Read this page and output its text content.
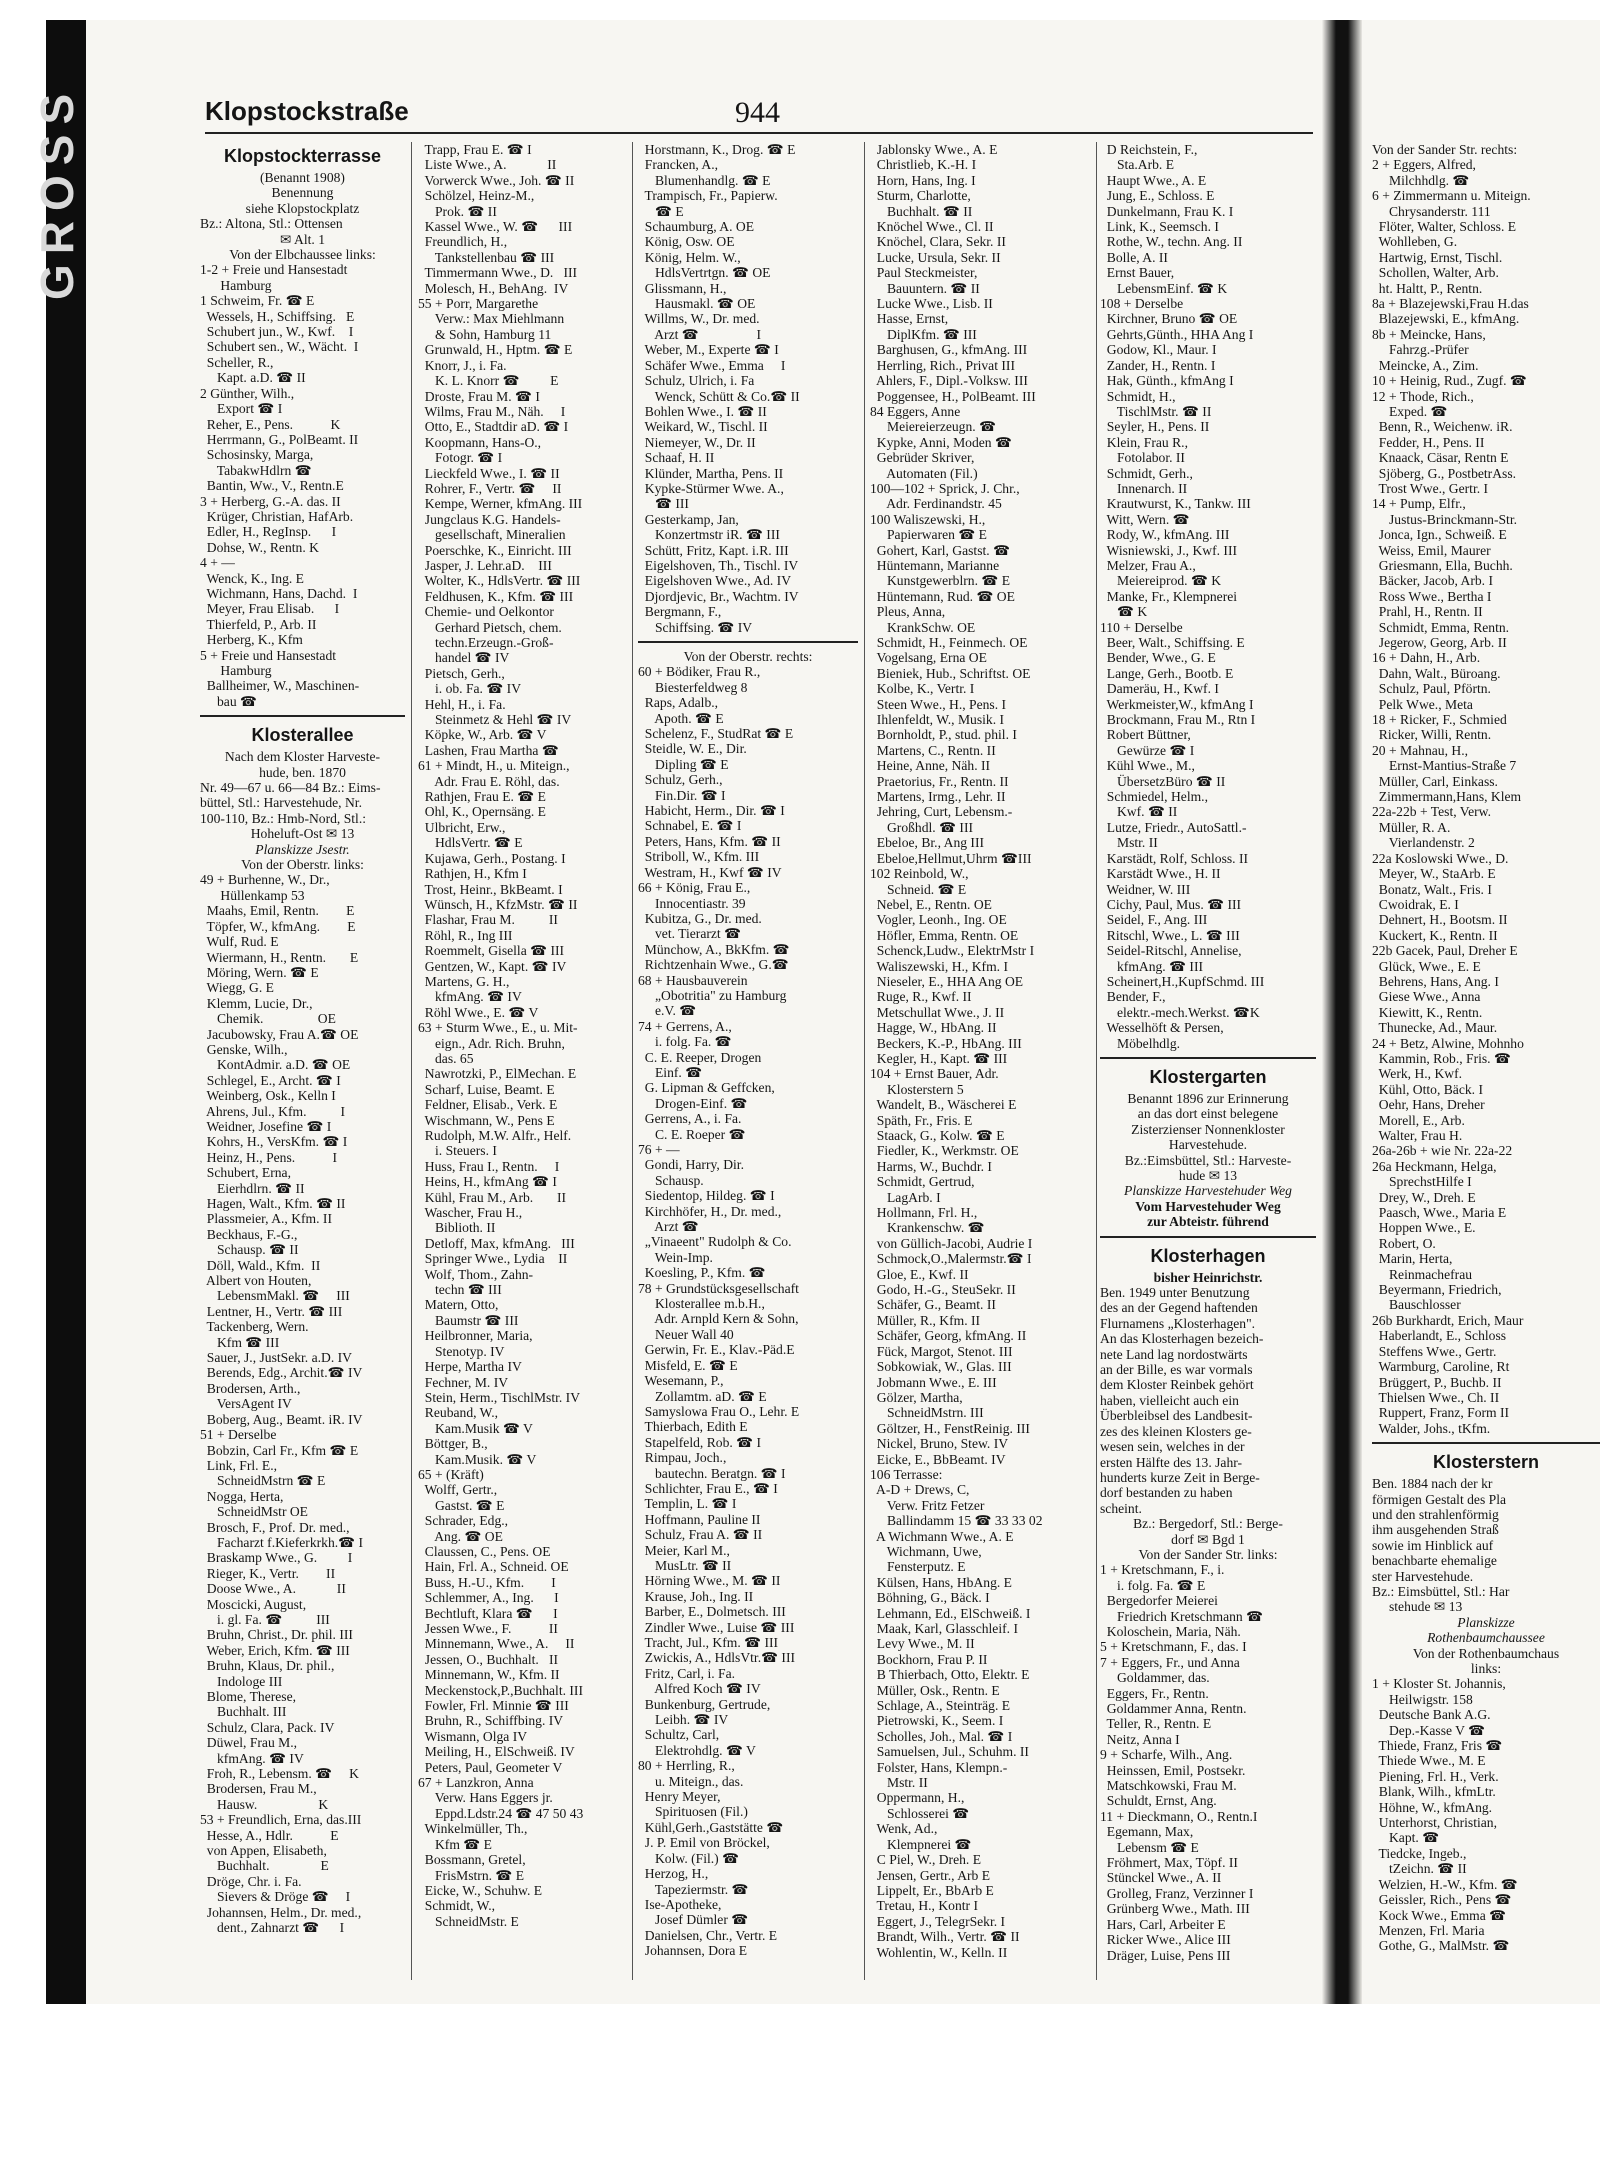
GROSS	Klopstockstraße	944
Klopstockterrasse
(Benannt 1908)
Benennung
siehe Klopstockplatz
Bz.: Altona, Stl.: Ottensen
✉ Alt. 1
Von der Elbchaussee links:
1-2 + Freie und Hansestadt
Hamburg
1 Schweim, Fr. ☎ E
Wessels, H., Schiffsing.   E
Schubert jun., W., Kwf.    I
Schubert sen., W., Wächt.  I
Scheller, R.,
Kapt. a.D. ☎ II
2 Günther, Wilh.,
Export ☎ I
Reher, E., Pens.           K
Herrmann, G., PolBeamt. II
Schosinsky, Marga,
TabakwHdlrn ☎
Bantin, Ww., V., Rentn.E
3 + Herberg, G.-A. das. II
Krüger, Christian, HafArb.
Edler, H., RegInsp.      I
Dohse, W., Rentn. K
4 + —
Wenck, K., Ing. E
Wichmann, Hans, Dachd.  I
Meyer, Frau Elisab.      I
Thierfeld, P., Arb. II
Herberg, K., Kfm
5 + Freie und Hansestadt
Hamburg
Ballheimer, W., Maschinen-
bau ☎
Klosterallee
Nach dem Kloster Harveste-
hude, ben. 1870
Nr. 49—67 u. 66—84 Bz.: Eims-
büttel, Stl.: Harvestehude, Nr.
100-110, Bz.: Hmb-Nord, Stl.:
Hoheluft-Ost ✉ 13
Planskizze Jsestr.
Von der Oberstr. links:
49 + Burhenne, W., Dr.,
Hüllenkamp 53
Maahs, Emil, Rentn.        E
Töpfer, W., kfmAng.        E
Wulf, Rud. E
Wiermann, H., Rentn.       E
Möring, Wern. ☎ E
Wiegg, G. E
Klemm, Lucie, Dr.,
Chemik.                OE
Jacubowsky, Frau A.☎ OE
Genske, Wilh.,
KontAdmir. a.D. ☎ OE
Schlegel, E., Archt. ☎ I
Weinberg, Osk., Kelln I
Ahrens, Jul., Kfm.          I
Weidner, Josefine ☎ I
Kohrs, H., VersKfm. ☎ I
Heinz, H., Pens.           I
Schubert, Erna,
Eierhdlrn. ☎ II
Hagen, Walt., Kfm. ☎ II
Plassmeier, A., Kfm. II
Beckhaus, F.-G.,
Schausp. ☎ II
Döll, Wald., Kfm.  II
Albert von Houten,
LebensmMakl. ☎     III
Lentner, H., Vertr. ☎ III
Tackenberg, Wern.
Kfm ☎ III
Sauer, J., JustSekr. a.D. IV
Berends, Edg., Archit.☎ IV
Brodersen, Arth.,
VersAgent IV
Boberg, Aug., Beamt. iR. IV
51 + Derselbe
Bobzin, Carl Fr., Kfm ☎ E
Link, Frl. E.,
SchneidMstrn ☎ E
Nogga, Herta,
SchneidMstr OE
Brosch, F., Prof. Dr. med.,
Facharzt f.Kieferkrkh.☎ I
Braskamp Wwe., G.         I
Rieger, K., Vertr.        II
Doose Wwe., A.            II
Moscicki, August,
i. gl. Fa. ☎          III
Bruhn, Christ., Dr. phil. III
Weber, Erich, Kfm. ☎ III
Bruhn, Klaus, Dr. phil.,
Indologe III
Blome, Therese,
Buchhalt. III
Schulz, Clara, Pack. IV
Düwel, Frau M.,
kfmAng. ☎ IV
Froh, R., Lebensm. ☎     K
Brodersen, Frau M.,
Hausw.                  K
53 + Freundlich, Erna, das.III
Hesse, A., Hdlr.           E
von Appen, Elisabeth,
Buchhalt.               E
Dröge, Chr. i. Fa.
Sievers & Dröge ☎     I
Johannsen, Helm., Dr. med.,
dent., Zahnarzt ☎      I
Trapp, Frau E. ☎ I
Liste Wwe., A.            II
Vorwerck Wwe., Joh. ☎ II
Schölzel, Heinz-M.,
Prok. ☎ II
Kassel Wwe., W. ☎      III
Freundlich, H.,
Tankstellenbau ☎ III
Timmermann Wwe., D.   III
Molesch, H., BehAng.  IV
55 + Porr, Margarethe
Verw.: Max Miehlmann
& Sohn, Hamburg 11
Grunwald, H., Hptm. ☎ E
Knorr, J., i. Fa.
K. L. Knorr ☎         E
Droste, Frau M. ☎ I
Wilms, Frau M., Näh.     I
Otto, E., Stadtdir aD. ☎ I
Koopmann, Hans-O.,
Fotogr. ☎ I
Lieckfeld Wwe., I. ☎ II
Rohrer, F., Vertr. ☎     II
Kempe, Werner, kfmAng. III
Jungclaus K.G. Handels-
gesellschaft, Mineralien
Poerschke, K., Einricht. III
Jasper, J. Lehr.aD.    III
Wolter, K., HdlsVertr. ☎ III
Feldhusen, K., Kfm. ☎ III
Chemie- und Oelkontor
Gerhard Pietsch, chem.
techn.Erzeugn.-Groß-
handel ☎ IV
Pietsch, Gerh.,
i. ob. Fa. ☎ IV
Hehl, H., i. Fa.
Steinmetz & Hehl ☎ IV
Köpke, W., Arb. ☎ V
Lashen, Frau Martha ☎
61 + Mindt, H., u. Miteign.,
Adr. Frau E. Röhl, das.
Rathjen, Frau E. ☎ E
Ohl, K., Opernsäng. E
Ulbricht, Erw.,
HdlsVertr. ☎ E
Kujawa, Gerh., Postang. I
Rathjen, H., Kfm I
Trost, Heinr., BkBeamt. I
Wünsch, H., KfzMstr. ☎ II
Flashar, Frau M.          II
Röhl, R., Ing III
Roemmelt, Gisella ☎ III
Gentzen, W., Kapt. ☎ IV
Martens, G. H.,
kfmAng. ☎ IV
Röhl Wwe., E. ☎ V
63 + Sturm Wwe., E., u. Mit-
eign., Adr. Rich. Bruhn,
das. 65
Nawrotzki, P., ElMechan. E
Scharf, Luise, Beamt. E
Feldner, Elisab., Verk. E
Wischmann, W., Pens E
Rudolph, M.W. Alfr., Helf.
i. Steuers. I
Huss, Frau I., Rentn.     I
Heins, H., kfmAng ☎ I
Kühl, Frau M., Arb.       II
Wascher, Frau H.,
Biblioth. II
Detloff, Max, kfmAng.   III
Springer Wwe., Lydia    II
Wolf, Thom., Zahn-
techn ☎ III
Matern, Otto,
Baumstr ☎ III
Heilbronner, Maria,
Stenotyp. IV
Herpe, Martha IV
Fechner, M. IV
Stein, Herm., TischlMstr. IV
Reuband, W.,
Kam.Musik ☎ V
Böttger, B.,
Kam.Musik. ☎ V
65 + (Kräft)
Wolff, Gertr.,
Gastst. ☎ E
Schrader, Edg.,
Ang. ☎ OE
Claussen, C., Pens. OE
Hain, Frl. A., Schneid. OE
Buss, H.-U., Kfm.        I
Schlemmer, A., Ing.      I
Bechtluft, Klara ☎      I
Jessen Wwe., F.           II
Minnemann, Wwe., A.     II
Jessen, O., Buchhalt.   II
Minnemann, W., Kfm. II
Meckenstock,P.,Buchhalt. III
Fowler, Frl. Minnie ☎ III
Bruhn, R., Schiffbing. IV
Wismann, Olga IV
Meiling, H., ElSchweiß. IV
Peters, Paul, Geometer V
67 + Lanzkron, Anna
Verw. Hans Eggers jr.
Eppd.Ldstr.24 ☎ 47 50 43
Winkelmüller, Th.,
Kfm ☎ E
Bossmann, Gretel,
FrisMstrn. ☎ E
Eicke, W., Schuhw. E
Schmidt, W.,
SchneidMstr. E
Horstmann, K., Drog. ☎ E
Francken, A.,
Blumenhandlg. ☎ E
Trampisch, Fr., Papierw.
☎ E
Schaumburg, A. OE
König, Osw. OE
König, Helm. W.,
HdlsVertrtgn. ☎ OE
Glissmann, H.,
Hausmakl. ☎ OE
Willms, W., Dr. med.
Arzt ☎                 I
Weber, M., Experte ☎ I
Schäfer Wwe., Emma     I
Schulz, Ulrich, i. Fa
Wenck, Schütt & Co.☎ II
Bohlen Wwe., I. ☎ II
Weikard, W., Tischl. II
Niemeyer, W., Dr. II
Schaaf, H. II
Klünder, Martha, Pens. II
Kypke-Stürmer Wwe. A.,
☎ III
Gesterkamp, Jan,
Konzertmstr iR. ☎ III
Schütt, Fritz, Kapt. i.R. III
Eigelshoven, Th., Tischl. IV
Eigelshoven Wwe., Ad. IV
Djordjevic, Br., Wachtm. IV
Bergmann, F.,
Schiffsing. ☎ IV
Von der Oberstr. rechts:
60 + Bödiker, Frau R.,
Biesterfeldweg 8
Raps, Adalb.,
Apoth. ☎ E
Schelenz, F., StudRat ☎ E
Steidle, W. E., Dir.
Dipling ☎ E
Schulz, Gerh.,
Fin.Dir. ☎ I
Habicht, Herm., Dir. ☎ I
Schnabel, E. ☎ I
Peters, Hans, Kfm. ☎ II
Striboll, W., Kfm. III
Westram, H., Kwf ☎ IV
66 + König, Frau E.,
Innocentiastr. 39
Kubitza, G., Dr. med.
vet. Tierarzt ☎
Münchow, A., BkKfm. ☎
Richtzenhain Wwe., G.☎
68 + Hausbauverein
„Obotritia" zu Hamburg
e.V. ☎
74 + Gerrens, A.,
i. folg. Fa. ☎
C. E. Reeper, Drogen
Einf. ☎
G. Lipman & Geffcken,
Drogen-Einf. ☎
Gerrens, A., i. Fa.
C. E. Roeper ☎
76 + —
Gondi, Harry, Dir.
Schausp.
Siedentop, Hildeg. ☎ I
Kirchhöfer, H., Dr. med.,
Arzt ☎
„Vinaeent" Rudolph & Co.
Wein-Imp.
Koesling, P., Kfm. ☎
78 + Grundstücksgesellschaft
Klosterallee m.b.H.,
Adr. Arnpld Kern & Sohn,
Neuer Wall 40
Gerwin, Fr. E., Klav.-Päd.E
Misfeld, E. ☎ E
Wesemann, P.,
Zollamtm. aD. ☎ E
Samyslowa Frau O., Lehr. E
Thierbach, Edith E
Stapelfeld, Rob. ☎ I
Rimpau, Joch.,
bautechn. Beratgn. ☎ I
Schlichter, Frau E., ☎ I
Templin, L. ☎ I
Hoffmann, Pauline II
Schulz, Frau A. ☎ II
Meier, Karl M.,
MusLtr. ☎ II
Hörning Wwe., M. ☎ II
Krause, Joh., Ing. II
Barber, E., Dolmetsch. III
Zindler Wwe., Luise ☎ III
Tracht, Jul., Kfm. ☎ III
Zwickis, A., HdlsVtr.☎ III
Fritz, Carl, i. Fa.
Alfred Koch ☎ IV
Bunkenburg, Gertrude,
Leibh. ☎ IV
Schultz, Carl,
Elektrohdlg. ☎ V
80 + Herrling, R.,
u. Miteign., das.
Henry Meyer,
Spirituosen (Fil.)
Kühl,Gerh.,Gaststätte ☎
J. P. Emil von Bröckel,
Kolw. (Fil.) ☎
Herzog, H.,
Tapeziermstr. ☎
Ise-Apotheke,
Josef Dümler ☎
Danielsen, Chr., Vertr. E
Johannsen, Dora E
Jablonsky Wwe., A. E
Christlieb, K.-H. I
Horn, Hans, Ing. I
Sturm, Charlotte,
Buchhalt. ☎ II
Knöchel Wwe., Cl. II
Knöchel, Clara, Sekr. II
Lucke, Ursula, Sekr. II
Paul Steckmeister,
Bauuntern. ☎ II
Lucke Wwe., Lisb. II
Hasse, Ernst,
DiplKfm. ☎ III
Barghusen, G., kfmAng. III
Herrling, Rich., Privat III
Ahlers, F., Dipl.-Volksw. III
Poggensee, H., PolBeamt. III
84 Eggers, Anne
Meiereierzeugn. ☎
Kypke, Anni, Moden ☎
Gebrüder Skriver,
Automaten (Fil.)
100—102 + Sprick, J. Chr.,
Adr. Ferdinandstr. 45
100 Waliszewski, H.,
Papierwaren ☎ E
Gohert, Karl, Gastst. ☎
Hüntemann, Marianne
Kunstgewerblrn. ☎ E
Hüntemann, Rud. ☎ OE
Pleus, Anna,
KrankSchw. OE
Schmidt, H., Feinmech. OE
Vogelsang, Erna OE
Bieniek, Hub., Schriftst. OE
Kolbe, K., Vertr. I
Steen Wwe., H., Pens. I
Ihlenfeldt, W., Musik. I
Bornholdt, P., stud. phil. I
Martens, C., Rentn. II
Heine, Anne, Näh. II
Praetorius, Fr., Rentn. II
Martens, Irmg., Lehr. II
Jehring, Curt, Lebensm.-
Großhdl. ☎ III
Ebeloe, Br., Ang III
Ebeloe,Hellmut,Uhrm ☎III
102 Reinbold, W.,
Schneid. ☎ E
Nebel, E., Rentn. OE
Vogler, Leonh., Ing. OE
Höfler, Emma, Rentn. OE
Schenck,Ludw., ElektrMstr I
Waliszewski, H., Kfm. I
Nieseler, E., HHA Ang OE
Ruge, R., Kwf. II
Metschullat Wwe., J. II
Hagge, W., HbAng. II
Beckers, K.-P., HbAng. III
Kegler, H., Kapt. ☎ III
104 + Ernst Bauer, Adr.
Klosterstern 5
Wandelt, B., Wäscherei E
Späth, Fr., Fris. E
Staack, G., Kolw. ☎ E
Fiedler, K., Werkmstr. OE
Harms, W., Buchdr. I
Schmidt, Gertrud,
LagArb. I
Hollmann, Frl. H.,
Krankenschw. ☎
von Güllich-Jacobi, Audrie I
Schmock,O.,Malermstr.☎ I
Gloe, E., Kwf. II
Godo, H.-G., SteuSekr. II
Schäfer, G., Beamt. II
Müller, R., Kfm. II
Schäfer, Georg, kfmAng. II
Fück, Margot, Stenot. III
Sobkowiak, W., Glas. III
Jobmann Wwe., E. III
Gölzer, Martha,
SchneidMstrn. III
Göltzer, H., FenstReinig. III
Nickel, Bruno, Stew. IV
Eicke, E., BbBeamt. IV
106 Terrasse:
A-D + Drews, C,
Verw. Fritz Fetzer
Ballindamm 15 ☎ 33 33 02
A Wichmann Wwe., A. E
Wichmann, Uwe,
Fensterputz. E
Külsen, Hans, HbAng. E
Böhning, G., Bäck. I
Lehmann, Ed., ElSchweiß. I
Maak, Karl, Glasschleif. I
Levy Wwe., M. II
Bockhorn, Frau P. II
B Thierbach, Otto, Elektr. E
Müller, Osk., Rentn. E
Schlage, A., Steinträg. E
Pietrowski, K., Seem. I
Scholles, Joh., Mal. ☎ I
Samuelsen, Jul., Schuhm. II
Folster, Hans, Klempn.-
Mstr. II
Oppermann, H.,
Schlosserei ☎
Wenk, Ad.,
Klempnerei ☎
C Piel, W., Dreh. E
Jensen, Gertr., Arb E
Lippelt, Er., BbArb E
Tretau, H., Kontr I
Eggert, J., TelegrSekr. I
Brandt, Wilh., Vertr. ☎ II
Wohlentin, W., Kelln. II
D Reichstein, F.,
Sta.Arb. E
Haupt Wwe., A. E
Jung, E., Schloss. E
Dunkelmann, Frau K. I
Link, K., Seemsch. I
Rothe, W., techn. Ang. II
Bolle, A. II
Ernst Bauer,
LebensmEinf. ☎ K
108 + Derselbe
Kirchner, Bruno ☎ OE
Gehrts,Günth., HHA Ang I
Godow, Kl., Maur. I
Zander, H., Rentn. I
Hak, Günth., kfmAng I
Schmidt, H.,
TischlMstr. ☎ II
Seyler, H., Pens. II
Klein, Frau R.,
Fotolabor. II
Schmidt, Gerh.,
Innenarch. II
Krautwurst, K., Tankw. III
Witt, Wern. ☎
Rody, W., kfmAng. III
Wisniewski, J., Kwf. III
Melzer, Frau A.,
Meiereiprod. ☎ K
Manke, Fr., Klempnerei
☎ K
110 + Derselbe
Beer, Walt., Schiffsing. E
Bender, Wwe., G. E
Lange, Gerh., Bootb. E
Dameräu, H., Kwf. I
Werkmeister,W., kfmAng I
Brockmann, Frau M., Rtn I
Robert Büttner,
Gewürze ☎ I
Kühl Wwe., M.,
ÜbersetzBüro ☎ II
Schmiedel, Helm.,
Kwf. ☎ II
Lutze, Friedr., AutoSattl.-
Mstr. II
Karstädt, Rolf, Schloss. II
Karstädt Wwe., H. II
Weidner, W. III
Cichy, Paul, Mus. ☎ III
Seidel, F., Ang. III
Ritschl, Wwe., L. ☎ III
Seidel-Ritschl, Annelise,
kfmAng. ☎ III
Scheinert,H.,KupfSchmd. III
Bender, F.,
elektr.-mech.Werkst. ☎K
Wesselhöft & Persen,
Möbelhdlg.
Klostergarten
Benannt 1896 zur Erinnerung
an das dort einst belegene
Zisterzienser Nonnenkloster
Harvestehude.
Bz.:Eimsbüttel, Stl.: Harveste-
hude ✉ 13
Planskizze Harvestehuder Weg
Vom Harvestehuder Weg
zur Abteistr. führend
Klosterhagen
bisher Heinrichstr.
Ben. 1949 unter Benutzung
des an der Gegend haftenden
Flurnamens „Klosterhagen".
An das Klosterhagen bezeich-
nete Land lag nordostwärts
an der Bille, es war vormals
dem Kloster Reinbek gehört
haben, vielleicht auch ein
Überbleibsel des Landbesit-
zes des kleinen Klosters ge-
wesen sein, welches in der
ersten Hälfte des 13. Jahr-
hunderts kurze Zeit in Berge-
dorf bestanden zu haben
scheint.
Bz.: Bergedorf, Stl.: Berge-
dorf ✉ Bgd 1
Von der Sander Str. links:
1 + Kretschmann, F., i.
i. folg. Fa. ☎ E
Bergedorfer Meierei
Friedrich Kretschmann ☎
Koloschein, Maria, Näh.
5 + Kretschmann, F., das. I
7 + Eggers, Fr., und Anna
Goldammer, das.
Eggers, Fr., Rentn.
Goldammer Anna, Rentn.
Teller, R., Rentn. E
Neitz, Anna I
9 + Scharfe, Wilh., Ang.
Heinssen, Emil, Postsekr.
Matschkowski, Frau M.
Schuldt, Ernst, Ang.
11 + Dieckmann, O., Rentn.I
Egemann, Max,
Lebensm ☎ E
Fröhmert, Max, Töpf. II
Stünckel Wwe., A. II
Grolleg, Franz, Verzinner I
Grünberg Wwe., Math. III
Hars, Carl, Arbeiter E
Ricker Wwe., Alice III
Dräger, Luise, Pens III
Von der Sander Str. rechts:
2 + Eggers, Alfred,
Milchhdlg. ☎
6 + Zimmermann u. Miteign.
Chrysanderstr. 111
Flöter, Walter, Schloss. E
Wohlleben, G.
Hartwig, Ernst, Tischl.
Schollen, Walter, Arb.
ht. Haltt, P., Rentn.
8a + Blazejewski,Frau H.das
Blazejewski, E., kfmAng.
8b + Meincke, Hans,
Fahrzg.-Prüfer
Meincke, A., Zim.
10 + Heinig, Rud., Zugf. ☎
12 + Thode, Rich.,
Exped. ☎
Benn, R., Weichenw. iR.
Fedder, H., Pens. II
Knaack, Cäsar, Rentn E
Sjöberg, G., PostbetrAss.
Trost Wwe., Gertr. I
14 + Pump, Elfr.,
Justus-Brinckmann-Str.
Jonca, Ign., Schweiß. E
Weiss, Emil, Maurer
Griesmann, Ella, Buchh.
Bäcker, Jacob, Arb. I
Ross Wwe., Bertha I
Prahl, H., Rentn. II
Schmidt, Emma, Rentn.
Jegerow, Georg, Arb. II
16 + Dahn, H., Arb.
Dahn, Walt., Büroang.
Schulz, Paul, Pförtn.
Pelk Wwe., Meta
18 + Ricker, F., Schmied
Ricker, Willi, Rentn.
20 + Mahnau, H.,
Ernst-Mantius-Straße 7
Müller, Carl, Einkass.
Zimmermann,Hans, Klem
22a-22b + Test, Verw.
Müller, R. A.
Vierlandenstr. 2
22a Koslowski Wwe., D.
Meyer, W., StaArb. E
Bonatz, Walt., Fris. I
Cwoidrak, E. I
Dehnert, H., Bootsm. II
Kuckert, K., Rentn. II
22b Gacek, Paul, Dreher E
Glück, Wwe., E. E
Behrens, Hans, Ang. I
Giese Wwe., Anna
Kiewitt, K., Rentn.
Thunecke, Ad., Maur.
24 + Betz, Alwine, Mohnho
Kammin, Rob., Fris. ☎
Werk, H., Kwf.
Kühl, Otto, Bäck. I
Oehr, Hans, Dreher
Morell, E., Arb.
Walter, Frau H.
26a-26b + wie Nr. 22a-22
26a Heckmann, Helga,
SprechstHilfe I
Drey, W., Dreh. E
Paasch, Wwe., Maria E
Hoppen Wwe., E.
Robert, O.
Marin, Herta,
Reinmachefrau
Beyermann, Friedrich,
Bauschlosser
26b Burkhardt, Erich, Maur
Haberlandt, E., Schloss
Steffens Wwe., Gertr.
Warmburg, Caroline, Rt
Brüggert, P., Buchb. II
Thielsen Wwe., Ch. II
Ruppert, Franz, Form II
Walder, Johs., tKfm.
Klosterstern
Ben. 1884 nach der kr
förmigen Gestalt des Pla
und den strahlenförmig
ihm ausgehenden Straß
sowie im Hinblick auf
benachbarte ehemalige
ster Harvestehude.
Bz.: Eimsbüttel, Stl.: Har
stehude ✉ 13
Planskizze
Rothenbaumchaussee
Von der Rothenbaumchaus
links:
1 + Kloster St. Johannis,
Heilwigstr. 158
Deutsche Bank A.G.
Dep.-Kasse V ☎
Thiede, Franz, Fris ☎
Thiede Wwe., M. E
Piening, Frl. H., Verk.
Blank, Wilh., kfmLtr.
Höhne, W., kfmAng.
Unterhorst, Christian,
Kapt. ☎
Tiedcke, Ingeb.,
tZeichn. ☎ II
Welzien, H.-W., Kfm. ☎
Geissler, Rich., Pens ☎
Kock Wwe., Emma ☎
Menzen, Frl. Maria
Gothe, G., MalMstr. ☎
